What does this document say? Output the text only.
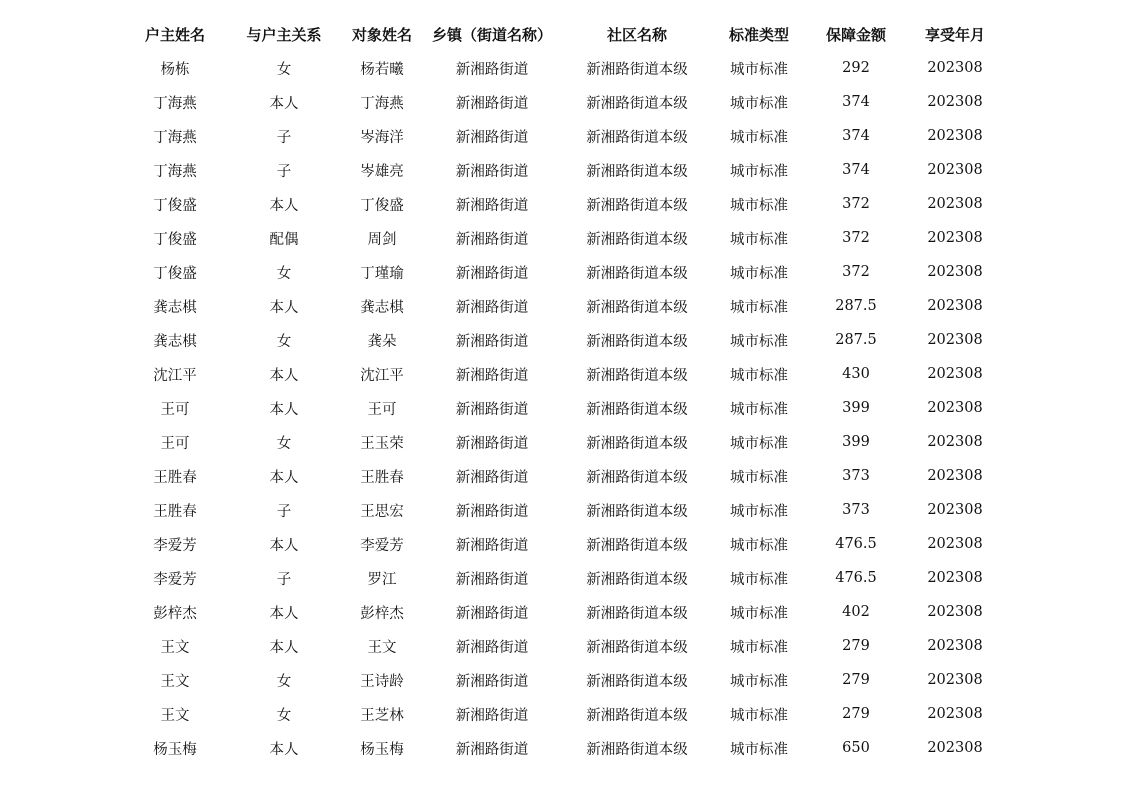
户主姓名	与户主关系	对象姓名	乡镇（街道名称）	社区名称	标准类型	保障金额	享受年月
杨栋	女	杨若曦	新湘路街道	新湘路街道本级	城市标准	292	202308
丁海燕	本人	丁海燕	新湘路街道	新湘路街道本级	城市标准	374	202308
丁海燕	子	岑海洋	新湘路街道	新湘路街道本级	城市标准	374	202308
丁海燕	子	岑雄亮	新湘路街道	新湘路街道本级	城市标准	374	202308
丁俊盛	本人	丁俊盛	新湘路街道	新湘路街道本级	城市标准	372	202308
丁俊盛	配偶	周剑	新湘路街道	新湘路街道本级	城市标准	372	202308
丁俊盛	女	丁瑾瑜	新湘路街道	新湘路街道本级	城市标准	372	202308
龚志棋	本人	龚志棋	新湘路街道	新湘路街道本级	城市标准	287.5	202308
龚志棋	女	龚朵	新湘路街道	新湘路街道本级	城市标准	287.5	202308
沈江平	本人	沈江平	新湘路街道	新湘路街道本级	城市标准	430	202308
王可	本人	王可	新湘路街道	新湘路街道本级	城市标准	399	202308
王可	女	王玉荣	新湘路街道	新湘路街道本级	城市标准	399	202308
王胜春	本人	王胜春	新湘路街道	新湘路街道本级	城市标准	373	202308
王胜春	子	王思宏	新湘路街道	新湘路街道本级	城市标准	373	202308
李爱芳	本人	李爱芳	新湘路街道	新湘路街道本级	城市标准	476.5	202308
李爱芳	子	罗江	新湘路街道	新湘路街道本级	城市标准	476.5	202308
彭梓杰	本人	彭梓杰	新湘路街道	新湘路街道本级	城市标准	402	202308
王文	本人	王文	新湘路街道	新湘路街道本级	城市标准	279	202308
王文	女	王诗龄	新湘路街道	新湘路街道本级	城市标准	279	202308
王文	女	王芝林	新湘路街道	新湘路街道本级	城市标准	279	202308
杨玉梅	本人	杨玉梅	新湘路街道	新湘路街道本级	城市标准	650	202308
